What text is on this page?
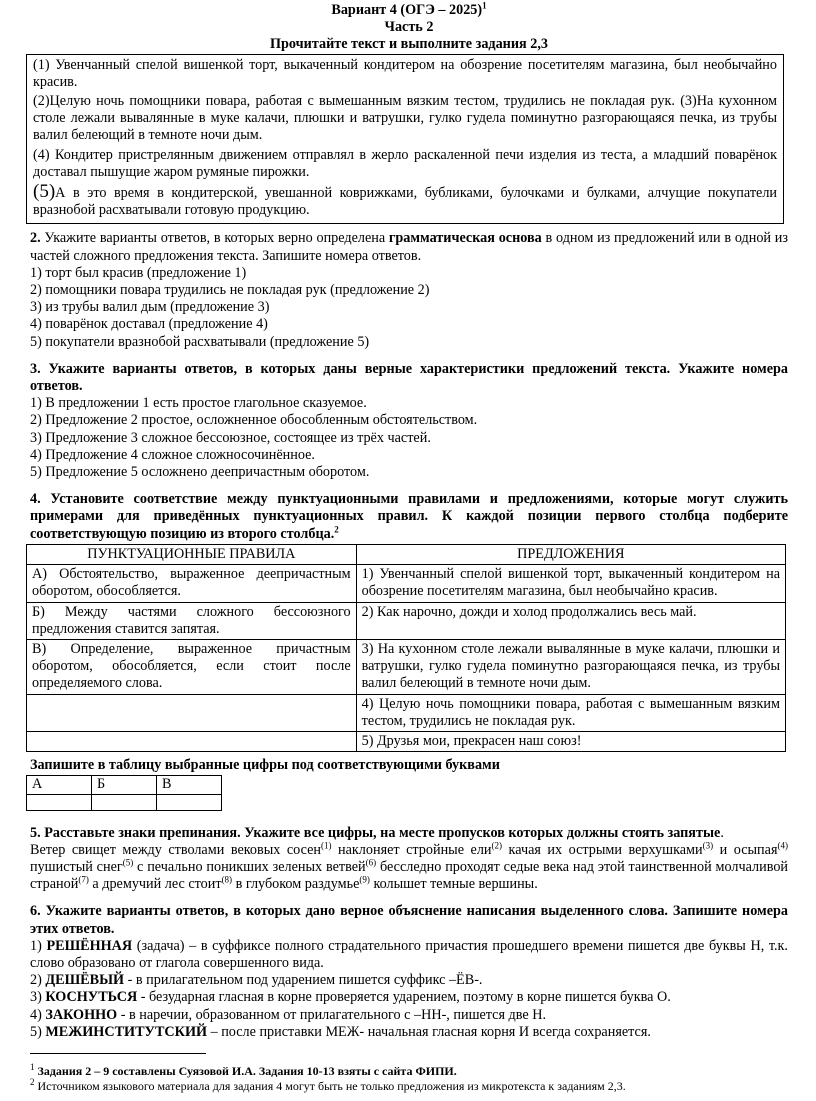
Вариант 4 (ОГЭ – 2025)$^1$
Часть 2
Прочитайте текст и выполните задания 2,3

(1) Увенчанный спелой вишенкой торт, выкаченный кондитером на обозрение посетителям магазина, был необычайно красив.

(2)Целую ночь помощники повара, работая с вымешанным вязким тестом, трудились не покладая рук. (3)На кухонном столе лежали вывалянные в муке калачи, плюшки и ватрушки, гулко гудела поминутно разгорающаяся печка, из трубы валил белеющий в темноте ночи дым.

(4) Кондитер пристрелянным движением отправлял в жерло раскаленной печи изделия из теста, а младший поварёнок доставал пышущие жаром румяные пирожки.

(5)А в это время в кондитерской, увешанной коврижками, бубликами, булочками и булками, алчущие покупатели вразнобой расхватывали готовую продукцию.

2. Укажите варианты ответов, в которых верно определена грамматическая основа в одном из предложений или в одной из частей сложного предложения текста. Запишите номера ответов.

1) торт был красив (предложение 1)

2) помощники повара трудились не покладая рук (предложение 2)

3) из трубы валил дым (предложение 3)

4) поварёнок доставал (предложение 4)

5) покупатели вразнобой расхватывали (предложение 5)

3. Укажите варианты ответов, в которых даны верные характеристики предложений текста. Укажите номера ответов.

1) В предложении 1 есть простое глагольное сказуемое.

2) Предложение 2 простое, осложненное обособленным обстоятельством.

3) Предложение 3 сложное бессоюзное, состоящее из трёх частей.

4) Предложение 4 сложное сложносочинённое.

5) Предложение 5 осложнено деепричастным оборотом.

4. Установите соответствие между пунктуационными правилами и предложениями, которые могут служить примерами для приведённых пунктуационных правил. К каждой позиции первого столбца подберите соответствующую позицию из второго столбца.$^2$

ПУНКТУАЦИОННЫЕ ПРАВИЛА	ПРЕДЛОЖЕНИЯ
А) Обстоятельство, выраженное деепричастным оборотом, обособляется.	1) Увенчанный спелой вишенкой торт, выкаченный кондитером на обозрение посетителям магазина, был необычайно красив.
Б) Между частями сложного бессоюзного предложения ставится запятая.	2) Как нарочно, дожди и холод продолжались весь май.
В) Определение, выраженное причастным оборотом, обособляется, если стоит после определяемого слова.	3) На кухонном столе лежали вывалянные в муке калачи, плюшки и ватрушки, гулко гудела поминутно разгорающаяся печка, из трубы валил белеющий в темноте ночи дым.
	4) Целую ночь помощники повара, работая с вымешанным вязким тестом, трудились не покладая рук.
	5) Друзья мои, прекрасен наш союз!

Запишите в таблицу выбранные цифры под соответствующими буквами

А	Б	В

5. Расставьте знаки препинания. Укажите все цифры, на месте пропусков которых должны стоять запятые.

Ветер свищет между стволами вековых сосен$^{(1)}$ наклоняет стройные ели$^{(2)}$ качая их острыми верхушками$^{(3)}$ и осыпая$^{(4)}$ пушистый снег$^{(5)}$ с печально поникших зеленых ветвей$^{(6)}$ бесследно проходят седые века над этой таинственной молчаливой страной$^{(7)}$ а дремучий лес стоит$^{(8)}$ в глубоком раздумье$^{(9)}$ колышет темные вершины.

6. Укажите варианты ответов, в которых дано верное объяснение написания выделенного слова. Запишите номера этих ответов.

1) РЕШЁННАЯ (задача) – в суффиксе полного страдательного причастия прошедшего времени пишется две буквы Н, т.к. слово образовано от глагола совершенного вида.

2) ДЕШЁВЫЙ - в прилагательном под ударением пишется суффикс –ЁВ-.

3) КОСНУТЬСЯ - безударная гласная в корне проверяется ударением, поэтому в корне пишется буква О.

4) ЗАКОННО - в наречии, образованном от прилагательного с –НН-, пишется две Н.

5) МЕЖИНСТИТУТСКИЙ – после приставки МЕЖ- начальная гласная корня И всегда сохраняется.

$^1$ Задания 2 – 9 составлены Суязовой И.А. Задания 10-13 взяты с сайта ФИПИ.

$^2$ Источником языкового материала для задания 4 могут быть не только предложения из микротекста к заданиям 2,3.
